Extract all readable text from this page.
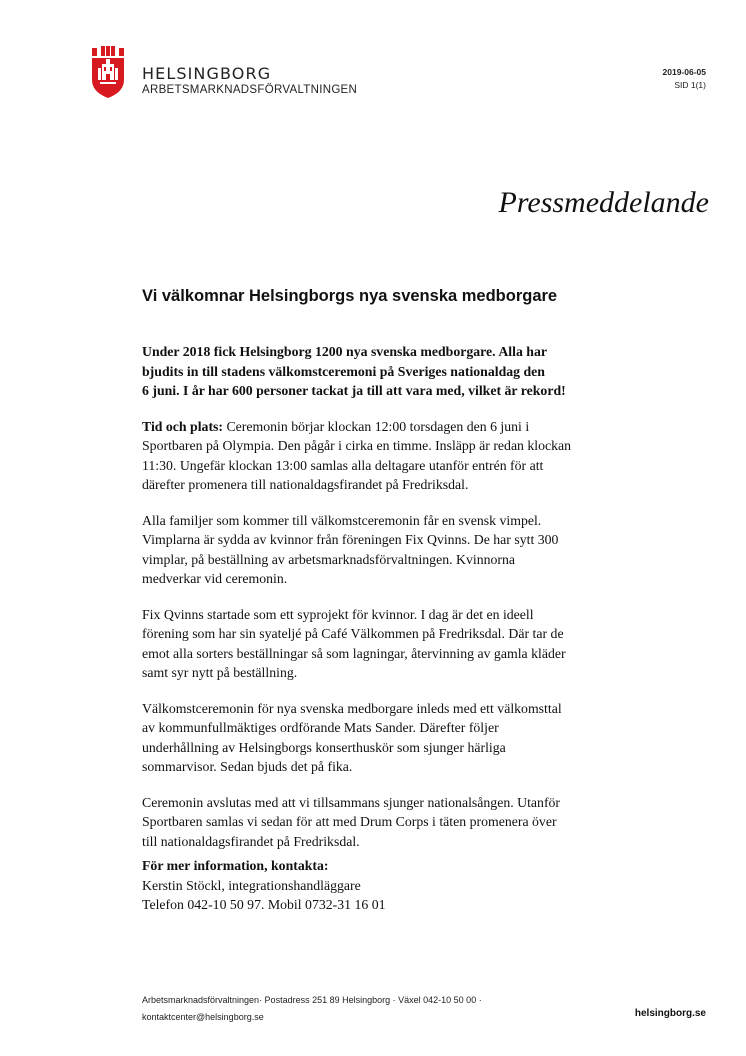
HELSINGBORG
ARBETSMARKNADSFÖRVALTNINGEN
2019-06-05
SID 1(1)
Pressmeddelande
Vi välkomnar Helsingborgs nya svenska medborgare

Under 2018 fick Helsingborg 1200 nya svenska medborgare. Alla har
bjudits in till stadens välkomstceremoni på Sveriges nationaldag den
6 juni. I år har 600 personer tackat ja till att vara med, vilket är rekord!

Tid och plats: Ceremonin börjar klockan 12:00 torsdagen den 6 juni i
Sportbaren på Olympia. Den pågår i cirka en timme. Insläpp är redan klockan
11:30. Ungefär klockan 13:00 samlas alla deltagare utanför entrén för att
därefter promenera till nationaldagsfirandet på Fredriksdal.

Alla familjer som kommer till välkomstceremonin får en svensk vimpel.
Vimplarna är sydda av kvinnor från föreningen Fix Qvinns. De har sytt 300
vimplar, på beställning av arbetsmarknadsförvaltningen. Kvinnorna
medverkar vid ceremonin.

Fix Qvinns startade som ett syprojekt för kvinnor. I dag är det en ideell
förening som har sin syateljé på Café Välkommen på Fredriksdal. Där tar de
emot alla sorters beställningar så som lagningar, återvinning av gamla kläder
samt syr nytt på beställning.

Välkomstceremonin för nya svenska medborgare inleds med ett välkomsttal
av kommunfullmäktiges ordförande Mats Sander. Därefter följer
underhållning av Helsingborgs konserthuskör som sjunger härliga
sommarvisor. Sedan bjuds det på fika.

Ceremonin avslutas med att vi tillsammans sjunger nationalsången. Utanför
Sportbaren samlas vi sedan för att med Drum Corps i täten promenera över
till nationaldagsfirandet på Fredriksdal.

För mer information, kontakta:
Kerstin Stöckl, integrationshandläggare
Telefon 042-10 50 97. Mobil 0732-31 16 01
Arbetsmarknadsförvaltningen· Postadress 251 89 Helsingborg · Växel 042-10 50 00 ·
kontaktcenter@helsingborg.se	helsingborg.se
